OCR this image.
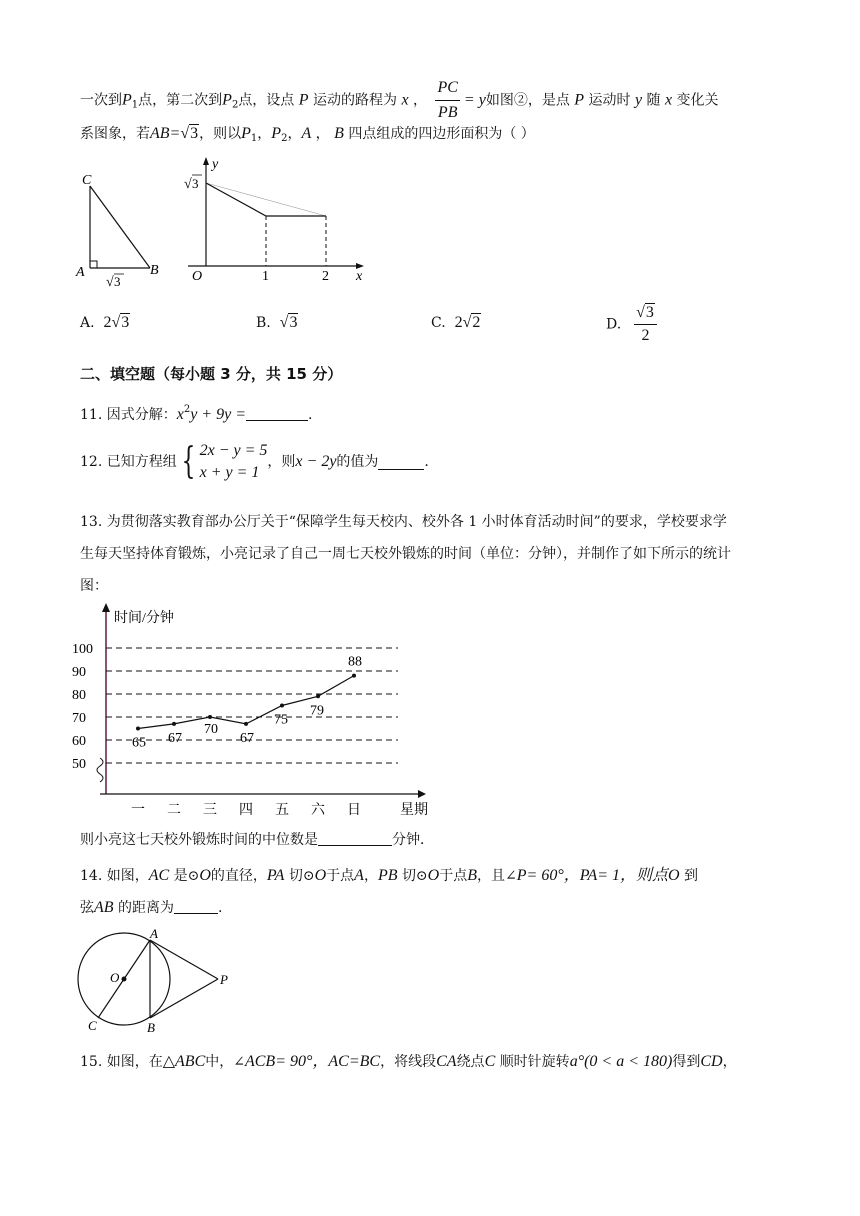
一次到$P_1$点，第二次到$P_2$点，设点 P 运动的路程为 x ， $\frac{PC}{PB} = y$如图②，是点 P 运动时 y 随 x 变化关
系图象，若AB=√3，则以$P_1$，$P_2$，A ， B 四点组成的四边形面积为（ ）
C
A	B
√ 3
y
x
O
√ 3
1	2
A. 2√3	B. √3	C. 2√2	D. $\frac{√3}{2}$
二、填空题（每小题 3 分，共 15 分）
11. 因式分解：$x^2y + 9y$ =	.
12. 已知方程组 { 2x − y = 5
x + y = 1
，则x − 2y的值为	.
13. 为贯彻落实教育部办公厅关于“保障学生每天校内、校外各 1 小时体育活动时间”的要求，学校要求学
生每天坚持体育锻炼，小亮记录了自己一周七天校外锻炼的时间（单位：分钟），并制作了如下所示的统计
图：
时间/分钟
星期
100
90
80
70
60
50
一 二 三 四 五 六 日
65 67
70
67
75
79
88
则小亮这七天校外锻炼时间的中位数是	分钟．
14. 如图，AC 是⊙O的直径，PA 切⊙O于点A，PB 切⊙O于点B，且∠P= 60°，PA= 1，则点O 到
弦AB 的距离为	.
A
O	P
C	B
15. 如图，在△ABC中，∠ACB= 90°，AC=BC，将线段CA绕点C 顺时针旋转a°(0 < a < 180)得到CD，
